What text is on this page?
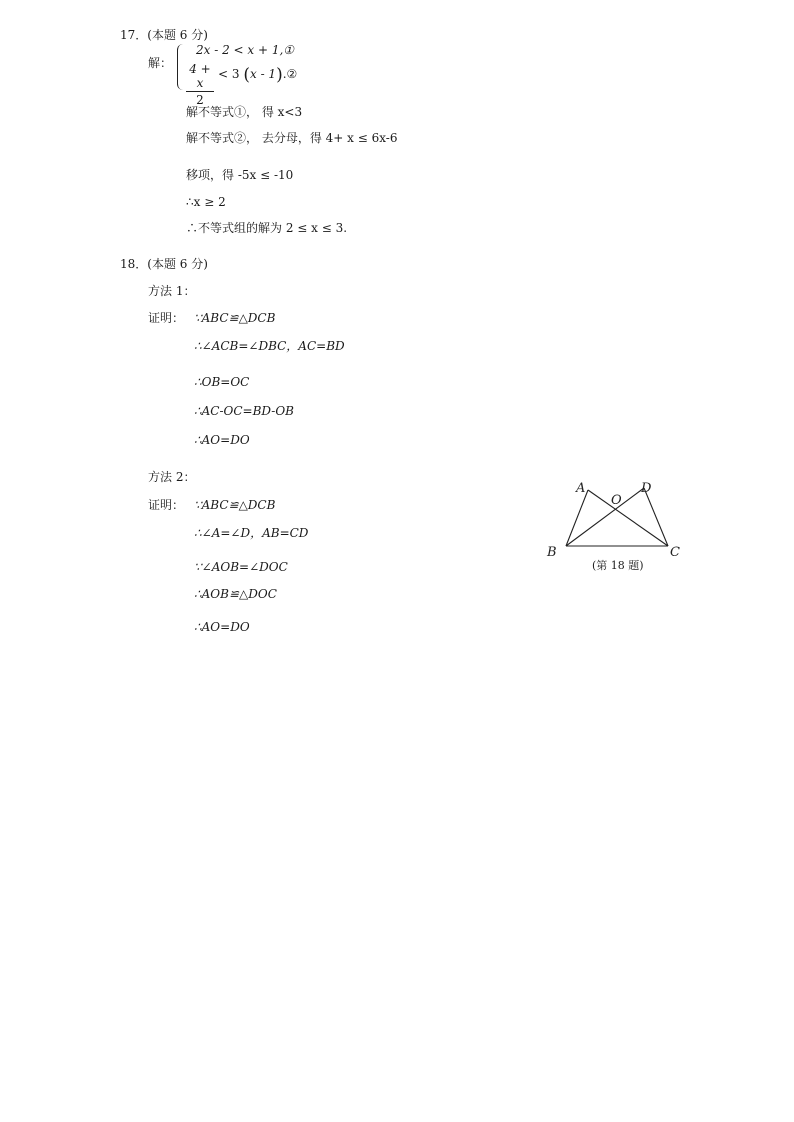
17．(本题 6 分)
解：
2x - 2 < x + 1,①
4 + x
2
< 3 (x - 1).②
解不等式①， 得 x<3
解不等式②， 去分母，得 4+ x ≤ 6x-6
移项，得 -5x ≤ -10
∴x ≥ 2
∴不等式组的解为 2 ≤ x ≤ 3.
18．(本题 6 分)
方法 1：
证明： ∵ABC≌△DCB
∴∠ACB=∠DBC，AC=BD
∴OB=OC
∴AC-OC=BD-OB
∴AO=DO
方法 2：
证明： ∵ABC≌△DCB
∴∠A=∠D，AB=CD
∵∠AOB=∠DOC
∴AOB≌△DOC
∴AO=DO
A	D
O
B	C
(第 18 题)
